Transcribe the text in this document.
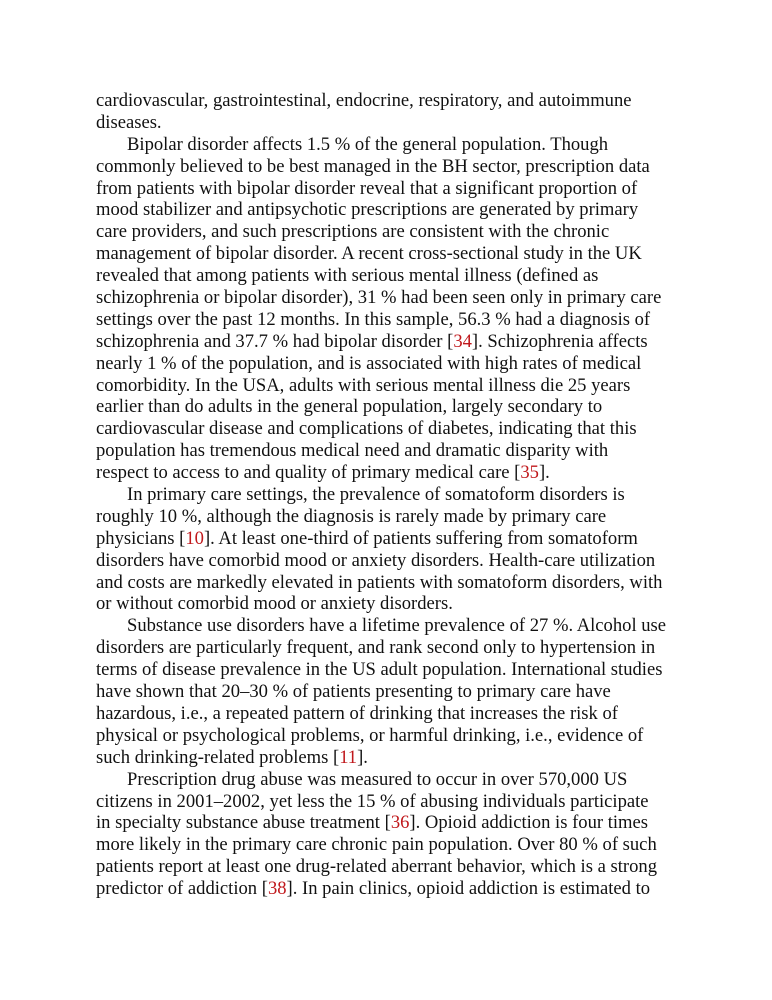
cardiovascular, gastrointestinal, endocrine, respiratory, and autoimmune
diseases.
Bipolar disorder affects 1.5 % of the general population. Though
commonly believed to be best managed in the BH sector, prescription data
from patients with bipolar disorder reveal that a significant proportion of
mood stabilizer and antipsychotic prescriptions are generated by primary
care providers, and such prescriptions are consistent with the chronic
management of bipolar disorder. A recent cross-sectional study in the UK
revealed that among patients with serious mental illness (defined as
schizophrenia or bipolar disorder), 31 % had been seen only in primary care
settings over the past 12 months. In this sample, 56.3 % had a diagnosis of
schizophrenia and 37.7 % had bipolar disorder [34]. Schizophrenia affects
nearly 1 % of the population, and is associated with high rates of medical
comorbidity. In the USA, adults with serious mental illness die 25 years
earlier than do adults in the general population, largely secondary to
cardiovascular disease and complications of diabetes, indicating that this
population has tremendous medical need and dramatic disparity with
respect to access to and quality of primary medical care [35].
In primary care settings, the prevalence of somatoform disorders is
roughly 10 %, although the diagnosis is rarely made by primary care
physicians [10]. At least one-third of patients suffering from somatoform
disorders have comorbid mood or anxiety disorders. Health-care utilization
and costs are markedly elevated in patients with somatoform disorders, with
or without comorbid mood or anxiety disorders.
Substance use disorders have a lifetime prevalence of 27 %. Alcohol use
disorders are particularly frequent, and rank second only to hypertension in
terms of disease prevalence in the US adult population. International studies
have shown that 20–30 % of patients presenting to primary care have
hazardous, i.e., a repeated pattern of drinking that increases the risk of
physical or psychological problems, or harmful drinking, i.e., evidence of
such drinking-related problems [11].
Prescription drug abuse was measured to occur in over 570,000 US
citizens in 2001–2002, yet less the 15 % of abusing individuals participate
in specialty substance abuse treatment [36]. Opioid addiction is four times
more likely in the primary care chronic pain population. Over 80 % of such
patients report at least one drug-related aberrant behavior, which is a strong
predictor of addiction [38]. In pain clinics, opioid addiction is estimated to
